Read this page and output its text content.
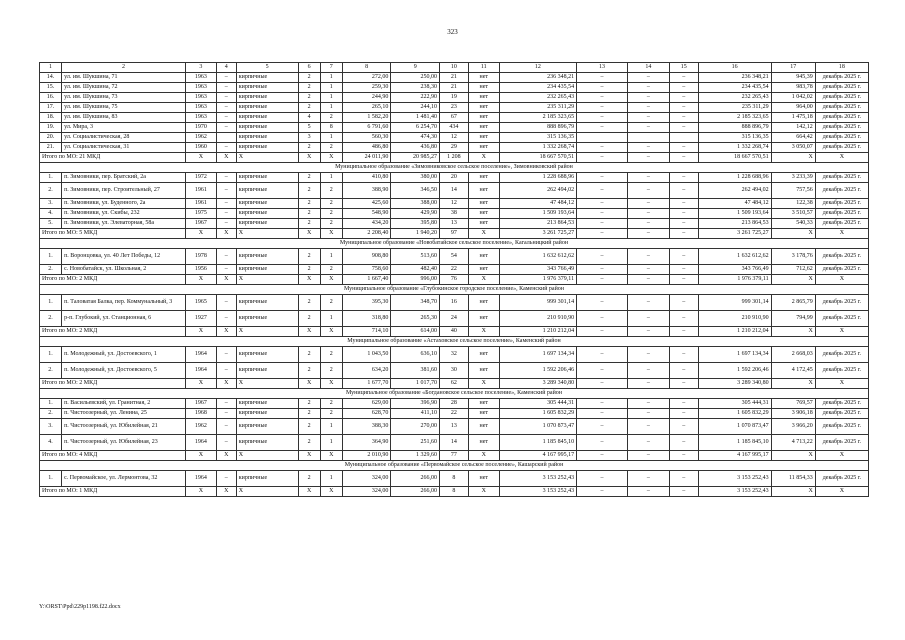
323
1	2	3	4	5	6	7	8	9	10	11	12	13	14	15	16	17	18
14.	ул. им. Шукшина, 71	1963	–	кирпичные	2	1	272,00	250,00	21	нет	236 348,21	–	–	–	236 348,21	945,39	декабрь 2025 г.
15.	ул. им. Шукшина, 72	1963	–	кирпичные	2	1	259,30	238,30	21	нет	234 435,54	–	–	–	234 435,54	983,78	декабрь 2025 г.
16.	ул. им. Шукшина, 73	1963	–	кирпичные	2	1	244,90	222,90	19	нет	232 265,43	–	–	–	232 265,43	1 042,02	декабрь 2025 г.
17.	ул. им. Шукшина, 75	1963	–	кирпичные	2	1	265,10	244,10	23	нет	235 311,29	–	–	–	235 311,29	964,00	декабрь 2025 г.
18.	ул. им. Шукшина, 83	1963	–	кирпичные	4	2	1 582,20	1 481,40	67	нет	2 185 323,65	–	–	–	2 185 323,65	1 475,18	декабрь 2025 г.
19.	ул. Мира, 3	1970	–	кирпичные	5	8	6 791,60	6 254,70	434	нет	888 896,79	–	–	–	888 896,79	142,12	декабрь 2025 г.
20.	ул. Социалистическая, 28	1962		кирпичные	3	1	560,30	474,30	12	нет	315 136,35				315 136,35	664,42	декабрь 2025 г.
21.	ул. Социалистическая, 31	1960	–	кирпичные	2	2	486,80	436,80	29	нет	1 332 268,74	–	–	–	1 332 268,74	3 050,07	декабрь 2025 г.
Итого по МО: 21 МКД		X	X	X	X	X	24 011,90	20 985,27	1 208	X	18 667 570,51	–	–	–	18 667 570,51	X	X
Муниципальное образование «Зимовниковское сельское поселение», Зимовниковский район																	
1.	п. Зимовники, пер. Братский, 2а	1972	–	кирпичные	2	1	410,80	380,00	20	нет	1 228 688,96	–	–	–	1 228 688,96	3 233,39	декабрь 2025 г.
2.	п. Зимовники, пер. Строительный, 27	1961	–	кирпичные	2	2	388,90	346,50	14	нет	262 494,02	–	–	–	262 494,02	757,56	декабрь 2025 г.
3.	п. Зимовники, ул. Буденного, 2а	1961	–	кирпичные	2	2	425,60	388,00	12	нет	47 484,12	–	–	–	47 484,12	122,38	декабрь 2025 г.
4.	п. Зимовники, ул. Скибы, 232	1975	–	кирпичные	2	2	548,90	429,90	38	нет	1 509 193,64	–	–	–	1 509 193,64	3 510,57	декабрь 2025 г.
5.	п. Зимовники, ул. Элеваторная, 58а	1967	–	кирпичные	2	2	434,20	395,80	13	нет	213 864,53	–	–	–	213 864,53	540,33	декабрь 2025 г.
Итого по МО: 5 МКД		X	X	X	X	X	2 208,40	1 940,20	97	X	3 261 725,27	–	–	–	3 261 725,27	X	X
Муниципальное образование «Новобатайское сельское поселение», Кагальницкий район																	
1.	п. Воронцовка, ул. 40 Лет Победы, 12	1978	–	кирпичные	2	1	908,80	513,60	54	нет	1 632 612,62	–	–	–	1 632 612,62	3 178,76	декабрь 2025 г.
2.	с. Новобатайск, ул. Школьная, 2	1956	–	кирпичные	2	2	758,60	482,40	22	нет	343 766,49	–	–	–	343 766,49	712,62	декабрь 2025 г.
Итого по МО: 2 МКД		X	X	X	X	X	1 667,40	996,00	76	X	1 976 379,11	–	–	–	1 976 379,11	X	X
Муниципальное образование «Глубокинское городское поселение», Каменский район																	
1.	п. Таловатая Балка, пер. Коммунальный, 3	1965	–	кирпичные	2	2	395,30	348,70	16	нет	999 301,14	–	–	–	999 301,14	2 865,79	декабрь 2025 г.
2.	р-п. Глубокий, ул. Станционная, 6	1927	–	кирпичные	2	1	318,80	265,30	24	нет	210 910,90	–	–	–	210 910,90	794,99	декабрь 2025 г.
Итого по МО: 2 МКД		X	X	X	X	X	714,10	614,00	40	X	1 210 212,04	–	–	–	1 210 212,04	X	X
Муниципальное образование «Астаховское сельское поселение», Каменский район																	
1.	п. Молодежный, ул. Достоевского, 1	1964	–	кирпичные	2	2	1 043,50	636,10	32	нет	1 697 134,34	–	–	–	1 697 134,34	2 668,03	декабрь 2025 г.
2.	п. Молодежный, ул. Достоевского, 5	1964	–	кирпичные	2	2	634,20	381,60	30	нет	1 592 206,46	–	–	–	1 592 206,46	4 172,45	декабрь 2025 г.
Итого по МО: 2 МКД		X	X	X	X	X	1 677,70	1 017,70	62	X	3 289 340,80	–	–	–	3 289 340,80	X	X
Муниципальное образование «Богдановское сельское поселение», Каменский район																	
1.	п. Васильевский, ул. Гранитная, 2	1967	–	кирпичные	2	2	629,00	396,90	28	нет	305 444,31	–	–	–	305 444,31	769,57	декабрь 2025 г.
2.	п. Чистоозерный, ул. Ленина, 25	1968	–	кирпичные	2	2	628,70	411,10	22	нет	1 605 832,29	–	–	–	1 605 832,29	3 906,18	декабрь 2025 г.
3.	п. Чистоозерный, ул. Юбилейная, 21	1962	–	кирпичные	2	1	388,30	270,00	13	нет	1 070 873,47	–	–	–	1 070 873,47	3 966,20	декабрь 2025 г.
4.	п. Чистоозерный, ул. Юбилейная, 23	1964	–	кирпичные	2	1	364,90	251,60	14	нет	1 185 845,10	–	–	–	1 185 845,10	4 713,22	декабрь 2025 г.
Итого по МО: 4 МКД		X	X	X	X	X	2 010,90	1 329,60	77	X	4 167 995,17	–	–	–	4 167 995,17	X	X
Муниципальное образование «Первомайское сельское поселение», Кашарский район																	
1.	с. Первомайское, ул. Лермонтова, 32	1964	–	кирпичные	2	1	324,00	266,00	8	нет	3 153 252,43	–	–	–	3 153 252,43	11 854,33	декабрь 2025 г.
Итого по МО: 1 МКД		X	X	X	X	X	324,00	266,00	8	X	3 153 252,43	–	–	–	3 153 252,43	X	X
Y:\ORST\Ppd\229p1198.f22.docx
